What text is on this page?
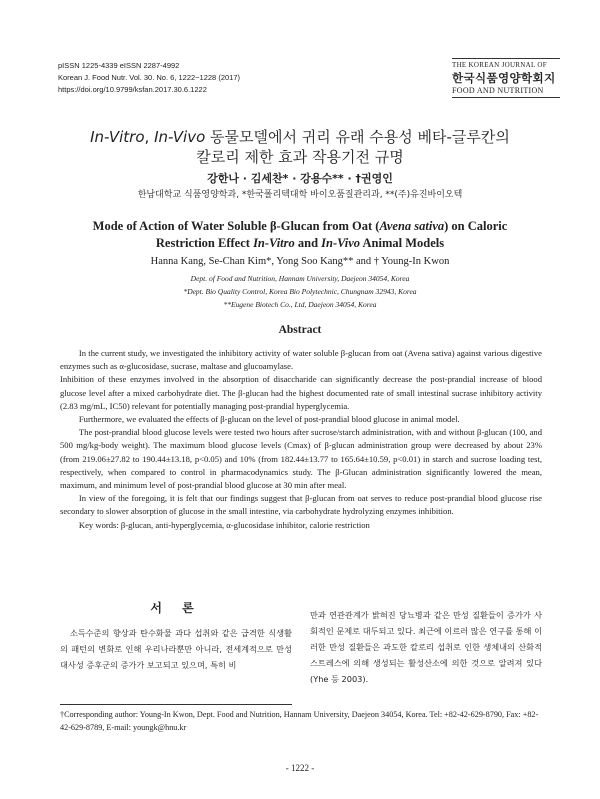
pISSN 1225-4339 eISSN 2287-4992
Korean J. Food Nutr. Vol. 30. No. 6, 1222~1228 (2017)
https://doi.org/10.9799/ksfan.2017.30.6.1222
THE KOREAN JOURNAL OF
한국식품영양학회지
FOOD AND NUTRITION
In-Vitro, In-Vivo 동물모델에서 귀리 유래 수용성 베타-글루칸의
칼로리 제한 효과 작용기전 규명
강한나 · 김세찬* · 강용수** · †권영인
한남대학교 식품영양학과, *한국폴리텍대학 바이오품질관리과, **(주)유진바이오텍
Mode of Action of Water Soluble β-Glucan from Oat (Avena sativa) on Caloric
Restriction Effect In-Vitro and In-Vivo Animal Models
Hanna Kang, Se-Chan Kim*, Yong Soo Kang** and † Young-In Kwon
Dept. of Food and Nutrition, Hannam University, Daejeon 34054, Korea
*Dept. Bio Quality Control, Korea Bio Polytechnic, Chungnam 32943, Korea
**Eugene Biotech Co., Ltd, Daejeon 34054, Korea
Abstract

In the current study, we investigated the inhibitory activity of water soluble β-glucan from oat (Avena sativa) against various digestive enzymes such as α-glucosidase, sucrase, maltase and glucoamylase.

Inhibition of these enzymes involved in the absorption of disaccharide can significantly decrease the post-prandial increase of blood glucose level after a mixed carbohydrate diet. The β-glucan had the highest documented rate of small intestinal sucrase inhibitory activity (2.83 mg/mL, IC50) relevant for potentially managing post-prandial hyperglycemia.

Furthermore, we evaluated the effects of β-glucan on the level of post-prandial blood glucose in animal model.

The post-prandial blood glucose levels were tested two hours after sucrose/starch administration, with and without β-glucan (100, and 500 mg/kg-body weight). The maximum blood glucose levels (Cmax) of β-glucan administration group were decreased by about 23% (from 219.06±27.82 to 190.44±13.18, p<0.05) and 10% (from 182.44±13.77 to 165.64±10.59, p<0.01) in starch and sucrose loading test, respectively, when compared to control in pharmacodynamics study. The β-Glucan administration significantly lowered the mean, maximum, and minimum level of post-prandial blood glucose at 30 min after meal.

In view of the foregoing, it is felt that our findings suggest that β-glucan from oat serves to reduce post-prandial blood glucose rise secondary to slower absorption of glucose in the small intestine, via carbohydrate hydrolyzing enzymes inhibition.

Key words: β-glucan, anti-hyperglycemia, α-glucosidase inhibitor, calorie restriction

서 론

소득수준의 향상과 탄수화물 과다 섭취와 같은 급격한 식생활의 패턴의 변화로 인해 우리나라뿐만 아니라, 전세계적으로 만성 대사성 증후군의 증가가 보고되고 있으며, 특히 비

만과 연관관계가 밝혀진 당뇨병과 같은 만성 질환들이 증가가 사회적인 문제로 대두되고 있다. 최근에 이르러 많은 연구를 통해 이러한 만성 질환들은 과도한 칼로리 섭취로 인한 생체내의 산화적 스트레스에 의해 생성되는 활성산소에 의한 것으로 알려져 있다(Yhe 등 2003).

†Corresponding author: Young-In Kwon, Dept. Food and Nutrition, Hannam University, Daejeon 34054, Korea. Tel: +82-42-629-8790, Fax: +82-42-629-8789, E-mail: youngk@hnu.kr
- 1222 -
